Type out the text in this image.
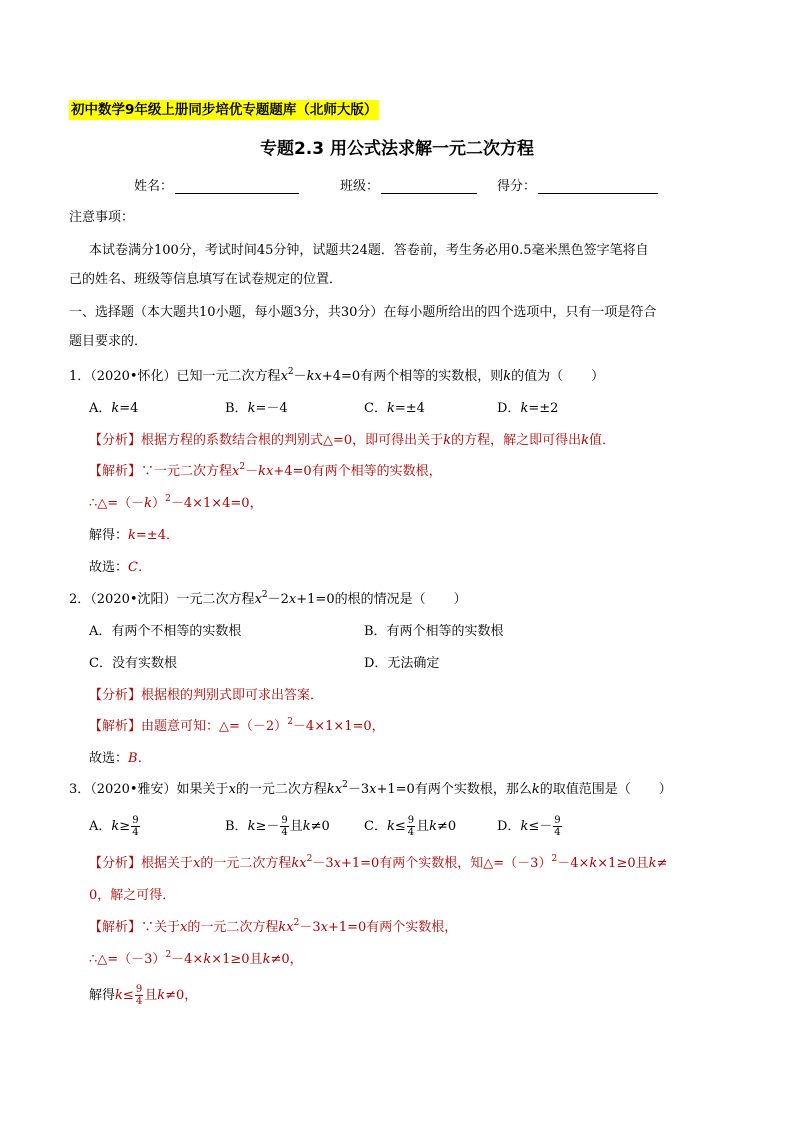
初中数学9年级上册同步培优专题题库（北师大版）
专题2.3 用公式法求解一元二次方程
姓名：	班级：	得分：
注意事项：
本试卷满分100分，考试时间45分钟，试题共24题．答卷前，考生务必用0.5毫米黑色签字笔将自
己的姓名、班级等信息填写在试卷规定的位置．
一、选择题（本大题共10小题，每小题3分，共30分）在每小题所给出的四个选项中，只有一项是符合
题目要求的．
1．（2020•怀化）已知一元二次方程$x^2-kx+4=0$有两个相等的实数根，则k的值为（ ）
A．k=4	B．k=－4	C．k=±4	D．k=±2
【分析】根据方程的系数结合根的判别式△=0，即可得出关于k的方程，解之即可得出k值．
【解析】∵一元二次方程$x^2-kx+4=0$有两个相等的实数根，
$\therefore\triangle=(-k)^2-4\times 1\times 4=0$，
解得：k=±4．
故选：C．
2．（2020•沈阳）一元二次方程$x^2-2x+1=0$的根的情况是（ ）
A．有两个不相等的实数根	B．有两个相等的实数根
C．没有实数根	D．无法确定
【分析】根据根的判别式即可求出答案．
【解析】由题意可知：$\triangle=(-2)^2-4\times 1\times 1=0$，
故选：B．
3．（2020•雅安）如果关于x的一元二次方程$kx^2-3x+1=0$有两个实数根，那么k的取值范围是（ ）
A．$k\ge \frac{9}{4}$	B．$k\ge- \frac{9}{4}$ 且k≠0	C．$k\le \frac{9}{4}$ 且k≠0	D．$k\le- \frac{9}{4}$
【分析】根据关于x的一元二次方程$kx^2-3x+1=0$有两个实数根，知$\triangle=(-3)^2-4\times k\times 1\ge 0$且k≠
0，解之可得．
【解析】∵关于x的一元二次方程$kx^2-3x+1=0$有两个实数根，
$\therefore\triangle=(-3)^2-4\times k\times 1\ge 0$且k≠0，
解得$k\le \frac{9}{4}$ 且k≠0，
